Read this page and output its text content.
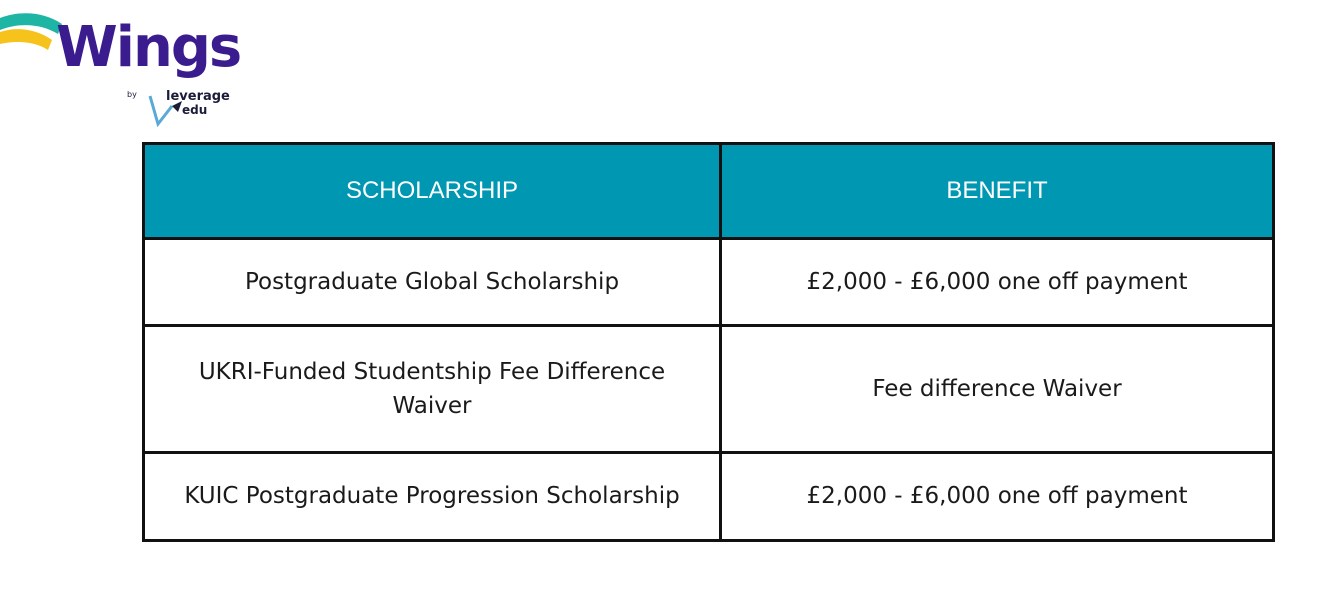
Wings
by leverage
edu
SCHOLARSHIP	BENEFIT
Postgraduate Global Scholarship	£2,000 - £6,000 one off payment
UKRI-Funded Studentship Fee Difference Waiver	Fee difference Waiver
KUIC Postgraduate Progression Scholarship	£2,000 - £6,000 one off payment
